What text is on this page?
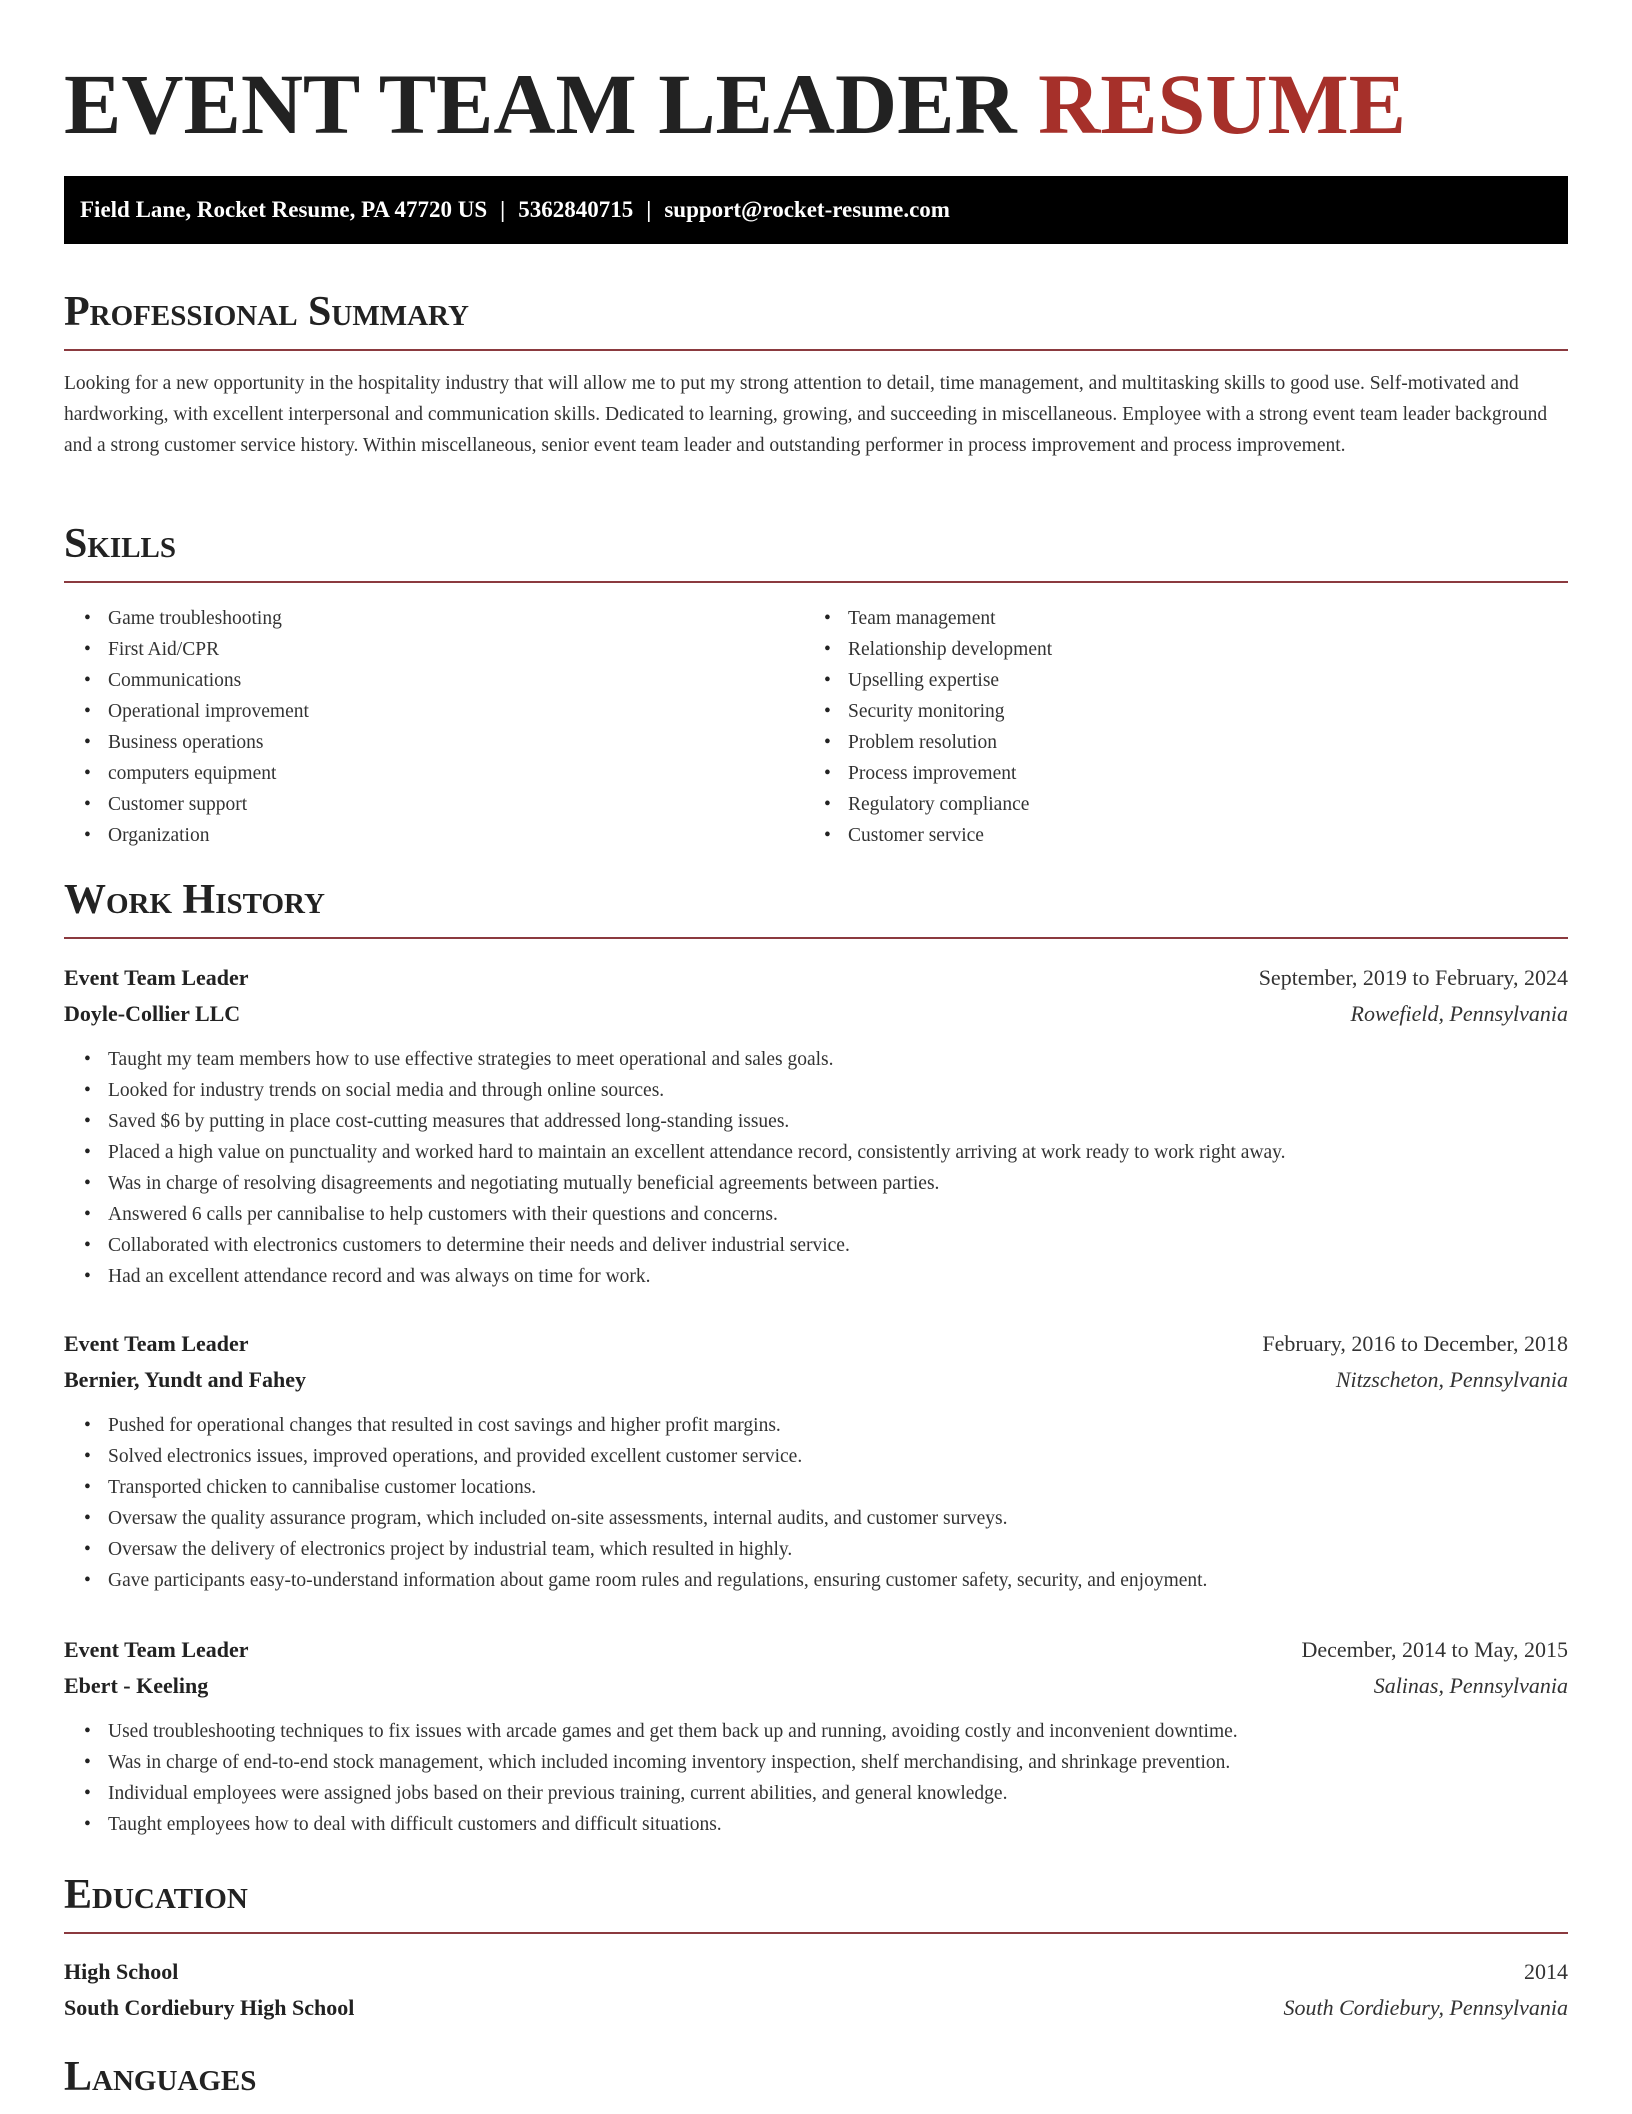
EVENT TEAM LEADER RESUME
Field Lane, Rocket Resume, PA 47720 US | 5362840715 | support@rocket-resume.com
Professional Summary

Looking for a new opportunity in the hospitality industry that will allow me to put my strong attention to detail, time management, and multitasking skills to good use. Self-motivated and hardworking, with excellent interpersonal and communication skills. Dedicated to learning, growing, and succeeding in miscellaneous. Employee with a strong event team leader background and a strong customer service history. Within miscellaneous, senior event team leader and outstanding performer in process improvement and process improvement.

Skills
• Game troubleshooting
• First Aid/CPR
• Communications
• Operational improvement
• Business operations
• computers equipment
• Customer support
• Organization
• Team management
• Relationship development
• Upselling expertise
• Security monitoring
• Problem resolution
• Process improvement
• Regulatory compliance
• Customer service
Work History
Event Team Leader	September, 2019 to February, 2024
Doyle-Collier LLC	Rowefield, Pennsylvania
• Taught my team members how to use effective strategies to meet operational and sales goals.
• Looked for industry trends on social media and through online sources.
• Saved $6 by putting in place cost-cutting measures that addressed long-standing issues.
• Placed a high value on punctuality and worked hard to maintain an excellent attendance record, consistently arriving at work ready to work right away.
• Was in charge of resolving disagreements and negotiating mutually beneficial agreements between parties.
• Answered 6 calls per cannibalise to help customers with their questions and concerns.
• Collaborated with electronics customers to determine their needs and deliver industrial service.
• Had an excellent attendance record and was always on time for work.
Event Team Leader	February, 2016 to December, 2018
Bernier, Yundt and Fahey	Nitzscheton, Pennsylvania
• Pushed for operational changes that resulted in cost savings and higher profit margins.
• Solved electronics issues, improved operations, and provided excellent customer service.
• Transported chicken to cannibalise customer locations.
• Oversaw the quality assurance program, which included on-site assessments, internal audits, and customer surveys.
• Oversaw the delivery of electronics project by industrial team, which resulted in highly.
• Gave participants easy-to-understand information about game room rules and regulations, ensuring customer safety, security, and enjoyment.
Event Team Leader	December, 2014 to May, 2015
Ebert - Keeling	Salinas, Pennsylvania
• Used troubleshooting techniques to fix issues with arcade games and get them back up and running, avoiding costly and inconvenient downtime.
• Was in charge of end-to-end stock management, which included incoming inventory inspection, shelf merchandising, and shrinkage prevention.
• Individual employees were assigned jobs based on their previous training, current abilities, and general knowledge.
• Taught employees how to deal with difficult customers and difficult situations.
Education
High School	2014
South Cordiebury High School	South Cordiebury, Pennsylvania
Languages
